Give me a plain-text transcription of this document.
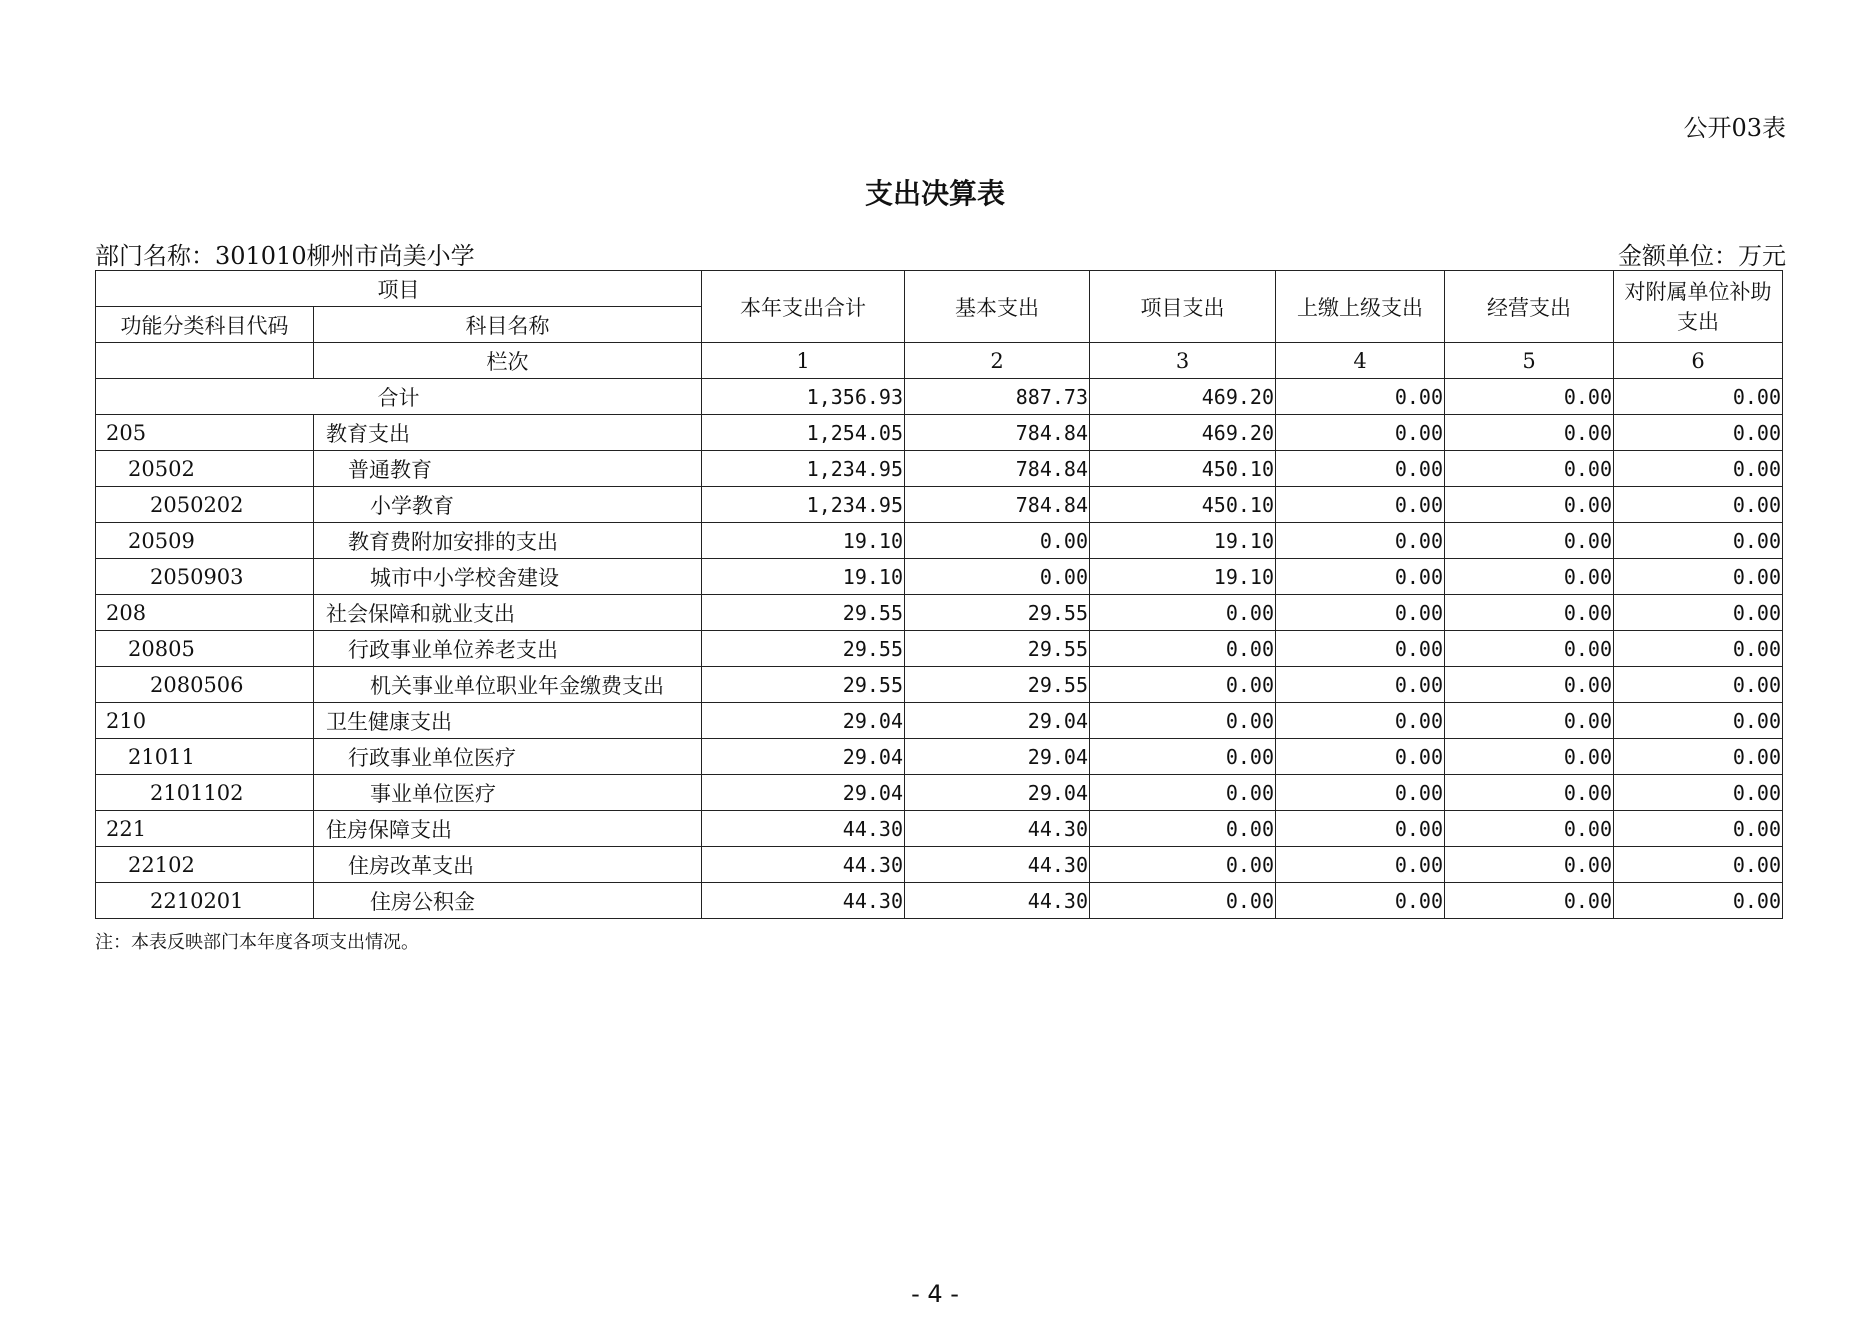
公开03表
支出决算表
部门名称：301010柳州市尚美小学	金额单位：万元
项目		本年支出合计	基本支出	项目支出	上缴上级支出	经营支出	对附属单位补助支出
功能分类科目代码	科目名称						
	栏次	1	2	3	4	5	6
合计		1,356.93	887.73	469.20	0.00	0.00	0.00
205	教育支出	1,254.05	784.84	469.20	0.00	0.00	0.00
20502	普通教育	1,234.95	784.84	450.10	0.00	0.00	0.00
2050202	小学教育	1,234.95	784.84	450.10	0.00	0.00	0.00
20509	教育费附加安排的支出	19.10	0.00	19.10	0.00	0.00	0.00
2050903	城市中小学校舍建设	19.10	0.00	19.10	0.00	0.00	0.00
208	社会保障和就业支出	29.55	29.55	0.00	0.00	0.00	0.00
20805	行政事业单位养老支出	29.55	29.55	0.00	0.00	0.00	0.00
2080506	机关事业单位职业年金缴费支出	29.55	29.55	0.00	0.00	0.00	0.00
210	卫生健康支出	29.04	29.04	0.00	0.00	0.00	0.00
21011	行政事业单位医疗	29.04	29.04	0.00	0.00	0.00	0.00
2101102	事业单位医疗	29.04	29.04	0.00	0.00	0.00	0.00
221	住房保障支出	44.30	44.30	0.00	0.00	0.00	0.00
22102	住房改革支出	44.30	44.30	0.00	0.00	0.00	0.00
2210201	住房公积金	44.30	44.30	0.00	0.00	0.00	0.00
注：本表反映部门本年度各项支出情况。
- 4 -
